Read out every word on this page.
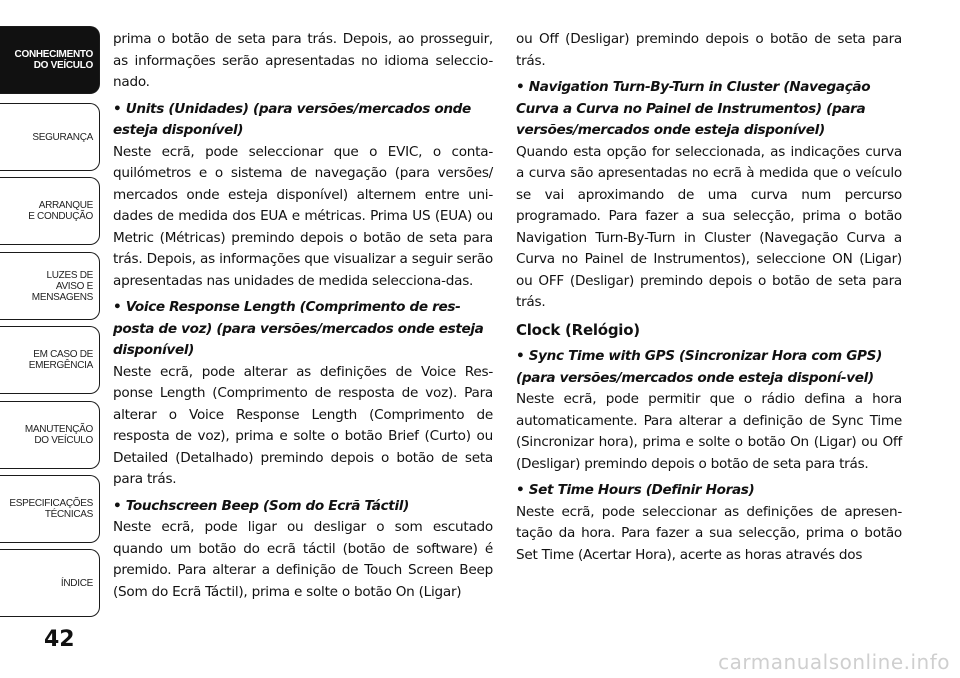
CONHECIMENTO
DO VEÍCULO
SEGURANÇA
ARRANQUE
E CONDUÇÃO
LUZES DE
AVISO E
MENSAGENS
EM CASO DE
EMERGÊNCIA
MANUTENÇÃO
DO VEÍCULO
ESPECIFICAÇÕES
TÉCNICAS
ÍNDICE
42

prima o botão de seta para trás. Depois, ao prosseguir, as informações serão apresentadas no idioma seleccio-nado.

• Units (Unidades) (para versões/mercados onde esteja disponível)

Neste ecrã, pode seleccionar que o EVIC, o conta-quilómetros e o sistema de navegação (para versões/ mercados onde esteja disponível) alternem entre uni-dades de medida dos EUA e métricas. Prima US (EUA) ou Metric (Métricas) premindo depois o botão de seta para trás. Depois, as informações que visualizar a seguir serão apresentadas nas unidades de medida selecciona-das.

• Voice Response Length (Comprimento de res-posta de voz) (para versões/mercados onde esteja disponível)

Neste ecrã, pode alterar as definições de Voice Res-ponse Length (Comprimento de resposta de voz). Para alterar o Voice Response Length (Comprimento de resposta de voz), prima e solte o botão Brief (Curto) ou Detailed (Detalhado) premindo depois o botão de seta para trás.

• Touchscreen Beep (Som do Ecrã Táctil)

Neste ecrã, pode ligar ou desligar o som escutado quando um botão do ecrã táctil (botão de software) é premido. Para alterar a definição de Touch Screen Beep (Som do Ecrã Táctil), prima e solte o botão On (Ligar)

ou Off (Desligar) premindo depois o botão de seta para trás.

• Navigation Turn-By-Turn in Cluster (Navegação Curva a Curva no Painel de Instrumentos) (para versões/mercados onde esteja disponível)

Quando esta opção for seleccionada, as indicações curva a curva são apresentadas no ecrã à medida que o veículo se vai aproximando de uma curva num percurso programado. Para fazer a sua selecção, prima o botão Navigation Turn-By-Turn in Cluster (Navegação Curva a Curva no Painel de Instrumentos), seleccione ON (Ligar) ou OFF (Desligar) premindo depois o botão de seta para trás.

Clock (Relógio)

• Sync Time with GPS (Sincronizar Hora com GPS) (para versões/mercados onde esteja disponí-vel)

Neste ecrã, pode permitir que o rádio defina a hora automaticamente. Para alterar a definição de Sync Time (Sincronizar hora), prima e solte o botão On (Ligar) ou Off (Desligar) premindo depois o botão de seta para trás.

• Set Time Hours (Definir Horas)

Neste ecrã, pode seleccionar as definições de apresen-tação da hora. Para fazer a sua selecção, prima o botão Set Time (Acertar Hora), acerte as horas através dos

carmanualsonline.info
